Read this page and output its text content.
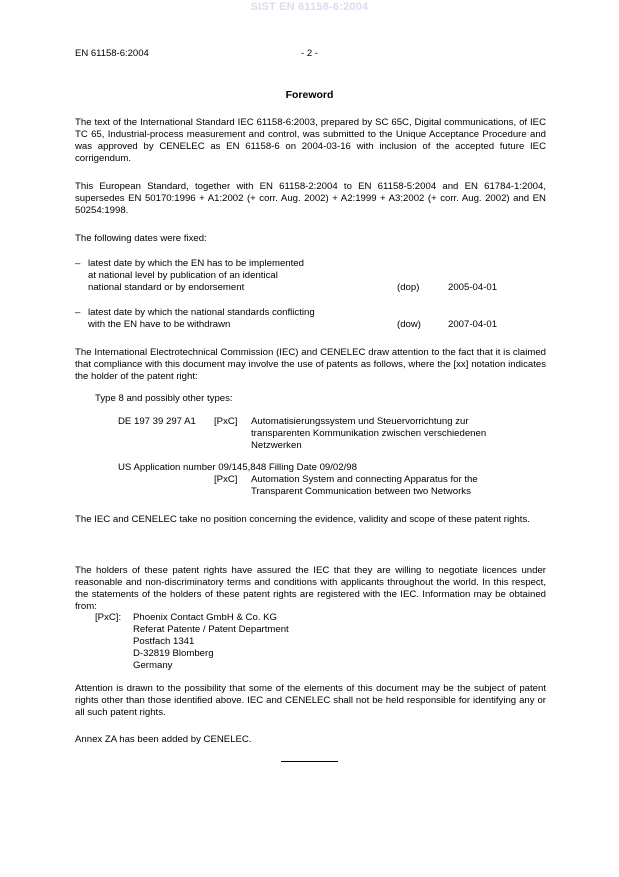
SIST EN 61158-6:2004
EN 61158-6:2004	- 2 -
Foreword
The text of the International Standard IEC 61158-6:2003, prepared by SC 65C, Digital communications, of IEC TC 65, Industrial-process measurement and control, was submitted to the Unique Acceptance Procedure and was approved by CENELEC as EN 61158-6 on 2004-03-16 with inclusion of the accepted future IEC corrigendum.
This European Standard, together with EN 61158-2:2004 to EN 61158-5:2004 and EN 61784-1:2004, supersedes EN 50170:1996 + A1:2002 (+ corr. Aug. 2002) + A2:1999 + A3:2002 (+ corr. Aug. 2002) and EN 50254:1998.
The following dates were fixed:
– latest date by which the EN has to be implemented
at national level by publication of an identical
national standard or by endorsement	(dop)	2005-04-01
– latest date by which the national standards conflicting
with the EN have to be withdrawn	(dow)	2007-04-01
The International Electrotechnical Commission (IEC) and CENELEC draw attention to the fact that it is claimed that compliance with this document may involve the use of patents as follows, where the [xx] notation indicates the holder of the patent right:
Type 8 and possibly other types:
DE 197 39 297 A1 [PxC] Automatisierungssystem und Steuervorrichtung zur
transparenten Kommunikation zwischen verschiedenen
Netzwerken
US Application number 09/145,848 Filling Date 09/02/98
[PxC] Automation System and connecting Apparatus for the
Transparent Communication between two Networks
The IEC and CENELEC take no position concerning the evidence, validity and scope of these patent rights.
The holders of these patent rights have assured the IEC that they are willing to negotiate licences under reasonable and non-discriminatory terms and conditions with applicants throughout the world. In this respect, the statements of the holders of these patent rights are registered with the IEC. Information may be obtained from:
[PxC]: Phoenix Contact GmbH & Co. KG
Referat Patente / Patent Department
Postfach 1341
D-32819 Blomberg
Germany
Attention is drawn to the possibility that some of the elements of this document may be the subject of patent rights other than those identified above. IEC and CENELEC shall not be held responsible for identifying any or all such patent rights.
Annex ZA has been added by CENELEC.
